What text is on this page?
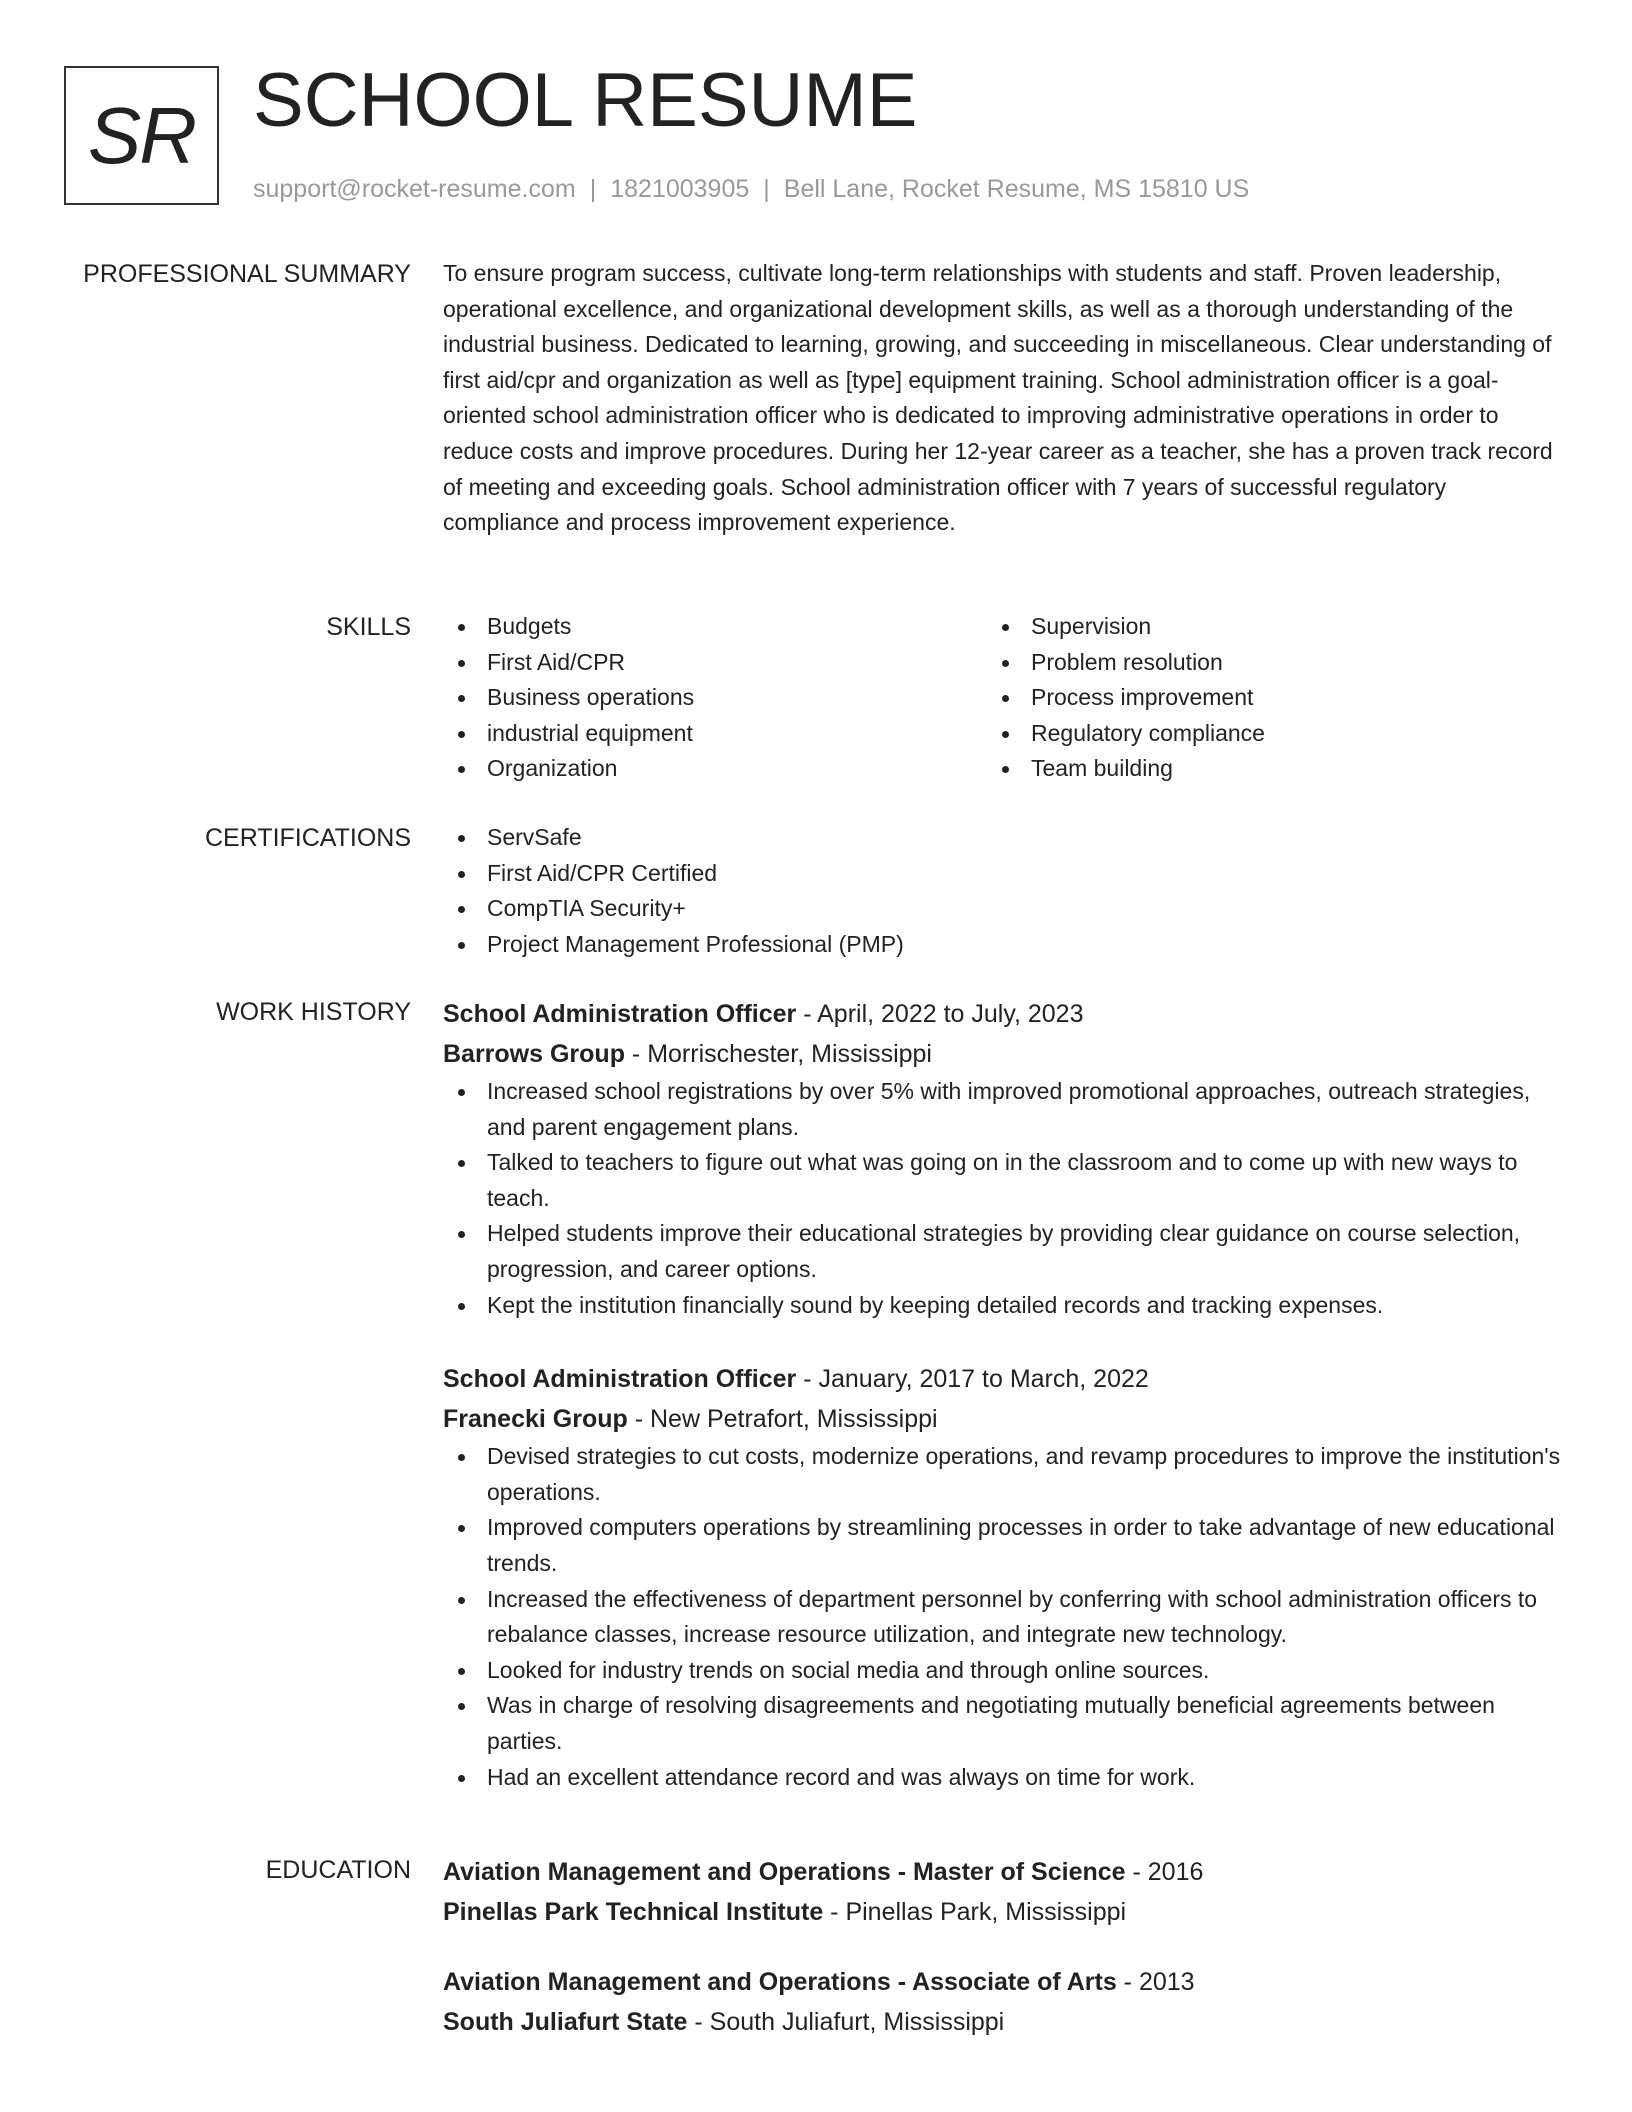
SR SCHOOL RESUME
support@rocket-resume.com | 1821003905 | Bell Lane, Rocket Resume, MS 15810 US
PROFESSIONAL SUMMARY To ensure program success, cultivate long-term relationships with students and staff. Proven leadership, operational excellence, and organizational development skills, as well as a thorough understanding of the industrial business. Dedicated to learning, growing, and succeeding in miscellaneous. Clear understanding of first aid/cpr and organization as well as [type] equipment training. School administration officer is a goal-oriented school administration officer who is dedicated to improving administrative operations in order to reduce costs and improve procedures. During her 12-year career as a teacher, she has a proven track record of meeting and exceeding goals. School administration officer with 7 years of successful regulatory compliance and process improvement experience.

SKILLS	Budgets
First Aid/CPR
Business operations
industrial equipment
Organization
Supervision
Problem resolution
Process improvement
Regulatory compliance
Team building
CERTIFICATIONS	ServSafe
First Aid/CPR Certified
CompTIA Security+
Project Management Professional (PMP)
WORK HISTORY School Administration Officer - April, 2022 to July, 2023
Barrows Group - Morrischester, Mississippi
Increased school registrations by over 5% with improved promotional approaches, outreach strategies, and parent engagement plans.
Talked to teachers to figure out what was going on in the classroom and to come up with new ways to teach.
Helped students improve their educational strategies by providing clear guidance on course selection, progression, and career options.
Kept the institution financially sound by keeping detailed records and tracking expenses.
School Administration Officer - January, 2017 to March, 2022
Franecki Group - New Petrafort, Mississippi
Devised strategies to cut costs, modernize operations, and revamp procedures to improve the institution's operations.
Improved computers operations by streamlining processes in order to take advantage of new educational trends.
Increased the effectiveness of department personnel by conferring with school administration officers to rebalance classes, increase resource utilization, and integrate new technology.
Looked for industry trends on social media and through online sources.
Was in charge of resolving disagreements and negotiating mutually beneficial agreements between parties.
Had an excellent attendance record and was always on time for work.
EDUCATION Aviation Management and Operations - Master of Science - 2016
Pinellas Park Technical Institute - Pinellas Park, Mississippi
Aviation Management and Operations - Associate of Arts - 2013
South Juliafurt State - South Juliafurt, Mississippi
